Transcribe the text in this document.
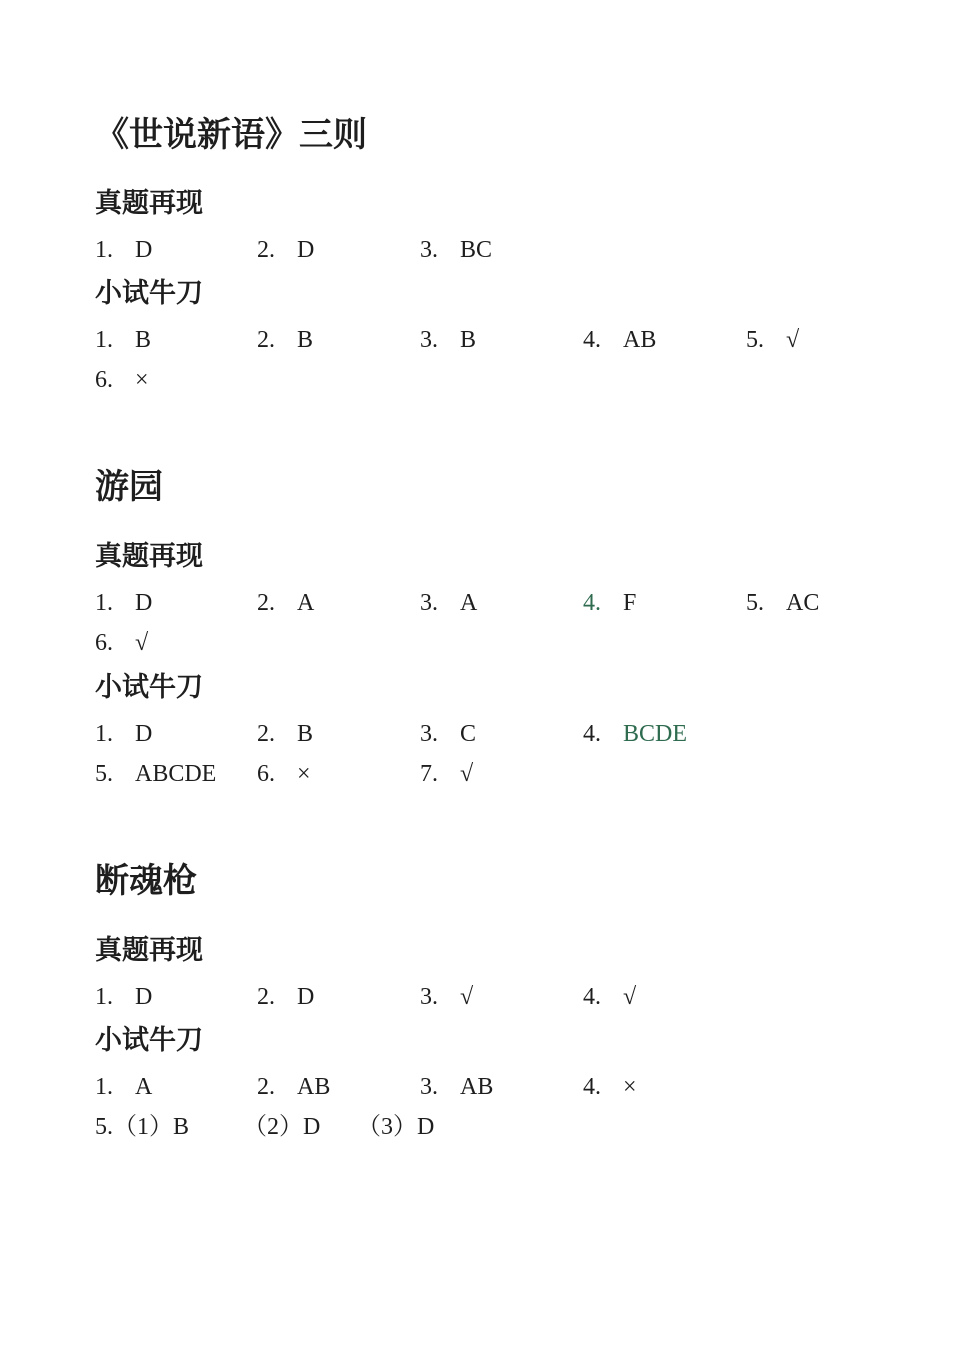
《世说新语》三则
真题再现
1. D	2. D	3. BC
小试牛刀
1. B	2. B	3. B	4. AB	5. √
6. ×
游园
真题再现
1. D	2. A	3. A	4. F	5. AC
6. √
小试牛刀
1. D	2. B	3. C	4. BCDE
5. ABCDE 6. ×	7. √
断魂枪
真题再现
1. D	2. D	3. √	4. √
小试牛刀
1. A	2. AB	3. AB	4. ×
5.（1）B （2）D （3）D
